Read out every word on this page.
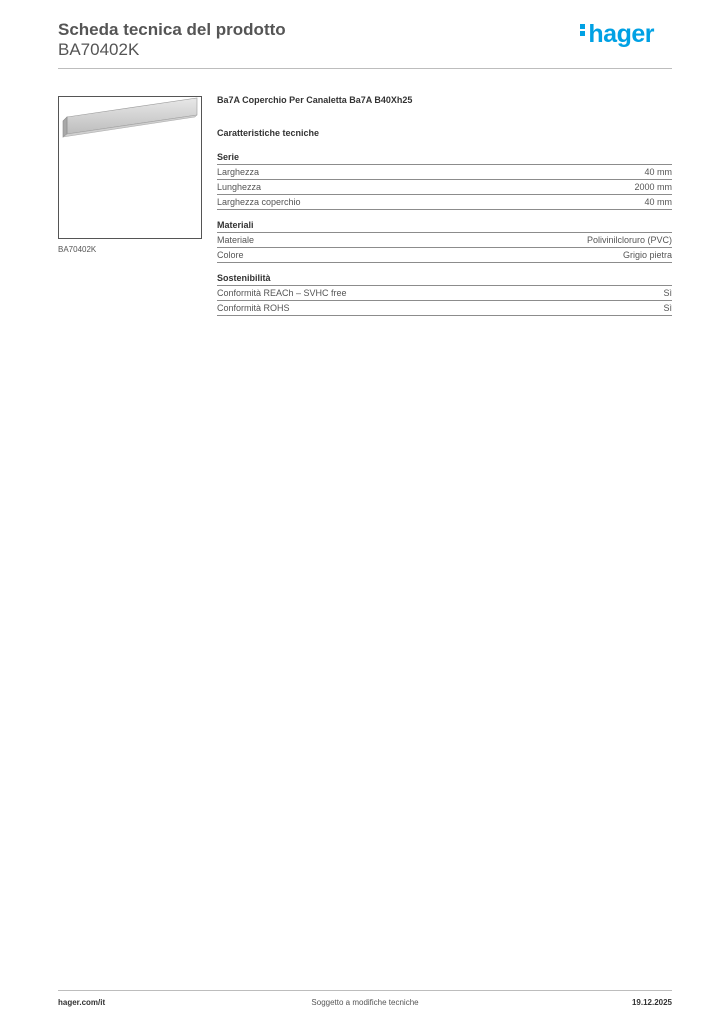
Scheda tecnica del prodotto
BA70402K
hager
BA70402K
Ba7A Coperchio Per Canaletta Ba7A B40Xh25
Caratteristiche tecniche
Serie
Larghezza	40 mm
Lunghezza	2000 mm
Larghezza coperchio	40 mm
Materiali
Materiale	Polivinilcloruro (PVC)
Colore	Grigio pietra
Sostenibilità
Conformità REACh – SVHC free	Sì
Conformità ROHS	Sì
hager.com/it	Soggetto a modifiche tecniche	19.12.2025
